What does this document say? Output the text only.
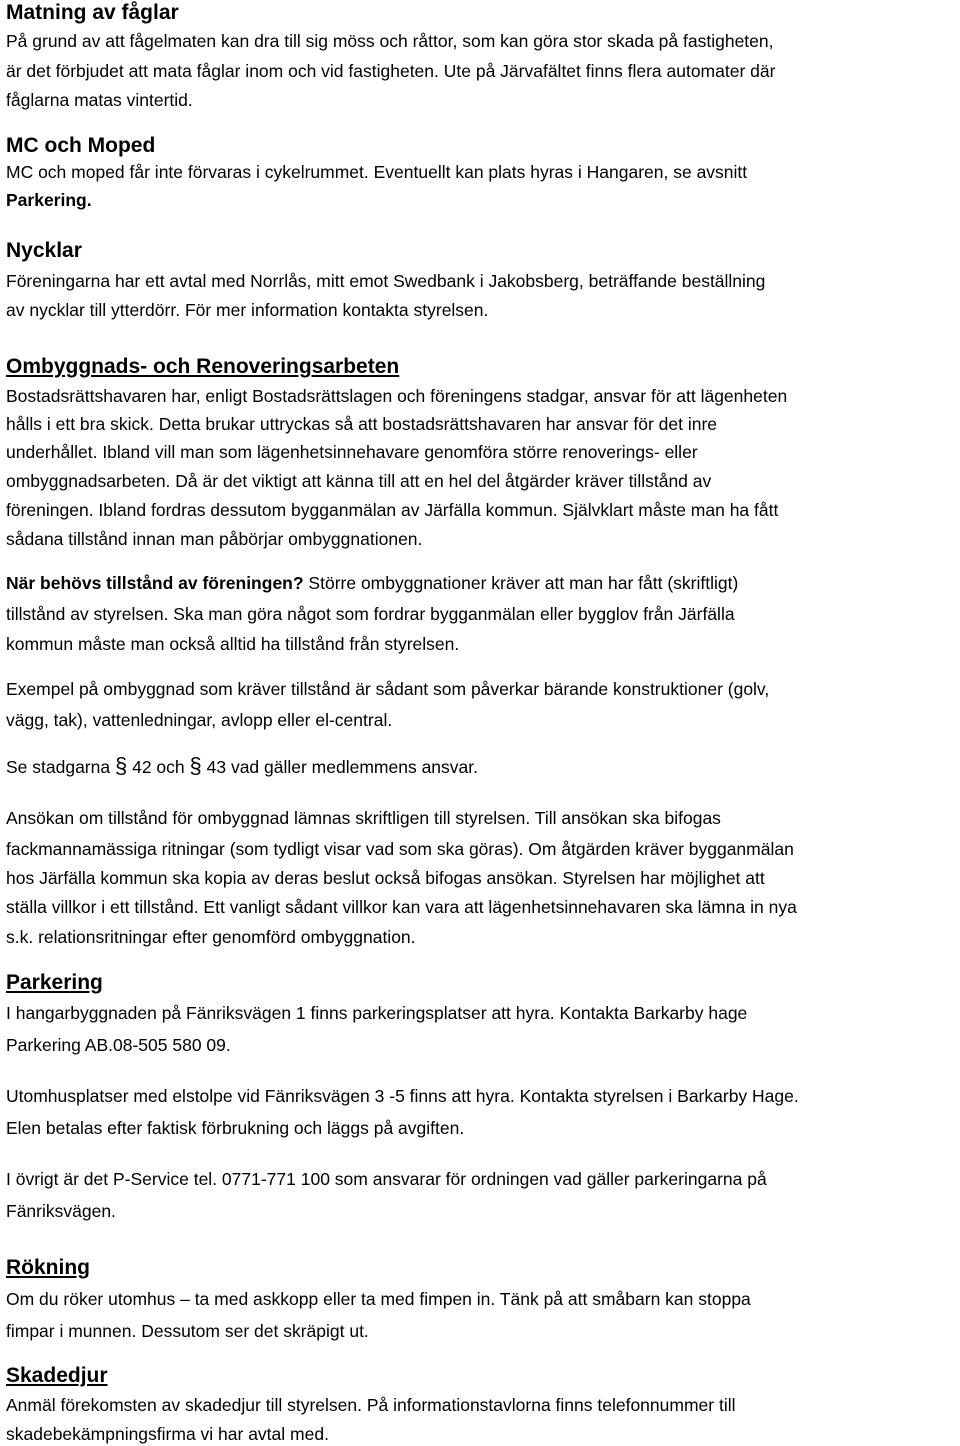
Matning av fåglar
På grund av att fågelmaten kan dra till sig möss och råttor, som kan göra stor skada på fastigheten,
är det förbjudet att mata fåglar inom och vid fastigheten. Ute på Järvafältet finns flera automater där
fåglarna matas vintertid.
MC och Moped
MC och moped får inte förvaras i cykelrummet. Eventuellt kan plats hyras i Hangaren, se avsnitt
Parkering.
Nycklar
Föreningarna har ett avtal med Norrlås, mitt emot Swedbank i Jakobsberg, beträffande beställning
av nycklar till ytterdörr. För mer information kontakta styrelsen.
Ombyggnads- och Renoveringsarbeten
Bostadsrättshavaren har, enligt Bostadsrättslagen och föreningens stadgar, ansvar för att lägenheten
hålls i ett bra skick. Detta brukar uttryckas så att bostadsrättshavaren har ansvar för det inre
underhållet. Ibland vill man som lägenhetsinnehavare genomföra större renoverings- eller
ombyggnadsarbeten. Då är det viktigt att känna till att en hel del åtgärder kräver tillstånd av
föreningen. Ibland fordras dessutom bygganmälan av Järfälla kommun. Självklart måste man ha fått
sådana tillstånd innan man påbörjar ombyggnationen.
När behövs tillstånd av föreningen? Större ombyggnationer kräver att man har fått (skriftligt)
tillstånd av styrelsen. Ska man göra något som fordrar bygganmälan eller bygglov från Järfälla
kommun måste man också alltid ha tillstånd från styrelsen.
Exempel på ombyggnad som kräver tillstånd är sådant som påverkar bärande konstruktioner (golv,
vägg, tak), vattenledningar, avlopp eller el-central.
Se stadgarna § 42 och § 43 vad gäller medlemmens ansvar.
Ansökan om tillstånd för ombyggnad lämnas skriftligen till styrelsen. Till ansökan ska bifogas
fackmannamässiga ritningar (som tydligt visar vad som ska göras). Om åtgärden kräver bygganmälan
hos Järfälla kommun ska kopia av deras beslut också bifogas ansökan. Styrelsen har möjlighet att
ställa villkor i ett tillstånd. Ett vanligt sådant villkor kan vara att lägenhetsinnehavaren ska lämna in nya
s.k. relationsritningar efter genomförd ombyggnation.
Parkering
I hangarbyggnaden på Fänriksvägen 1 finns parkeringsplatser att hyra. Kontakta Barkarby hage
Parkering AB.08-505 580 09.
Utomhusplatser med elstolpe vid Fänriksvägen 3 -5 finns att hyra. Kontakta styrelsen i Barkarby Hage.
Elen betalas efter faktisk förbrukning och läggs på avgiften.
I övrigt är det P-Service tel. 0771-771 100 som ansvarar för ordningen vad gäller parkeringarna på
Fänriksvägen.
Rökning
Om du röker utomhus – ta med askkopp eller ta med fimpen in. Tänk på att småbarn kan stoppa
fimpar i munnen. Dessutom ser det skräpigt ut.
Skadedjur
Anmäl förekomsten av skadedjur till styrelsen. På informationstavlorna finns telefonnummer till
skadebekämpningsfirma vi har avtal med.
